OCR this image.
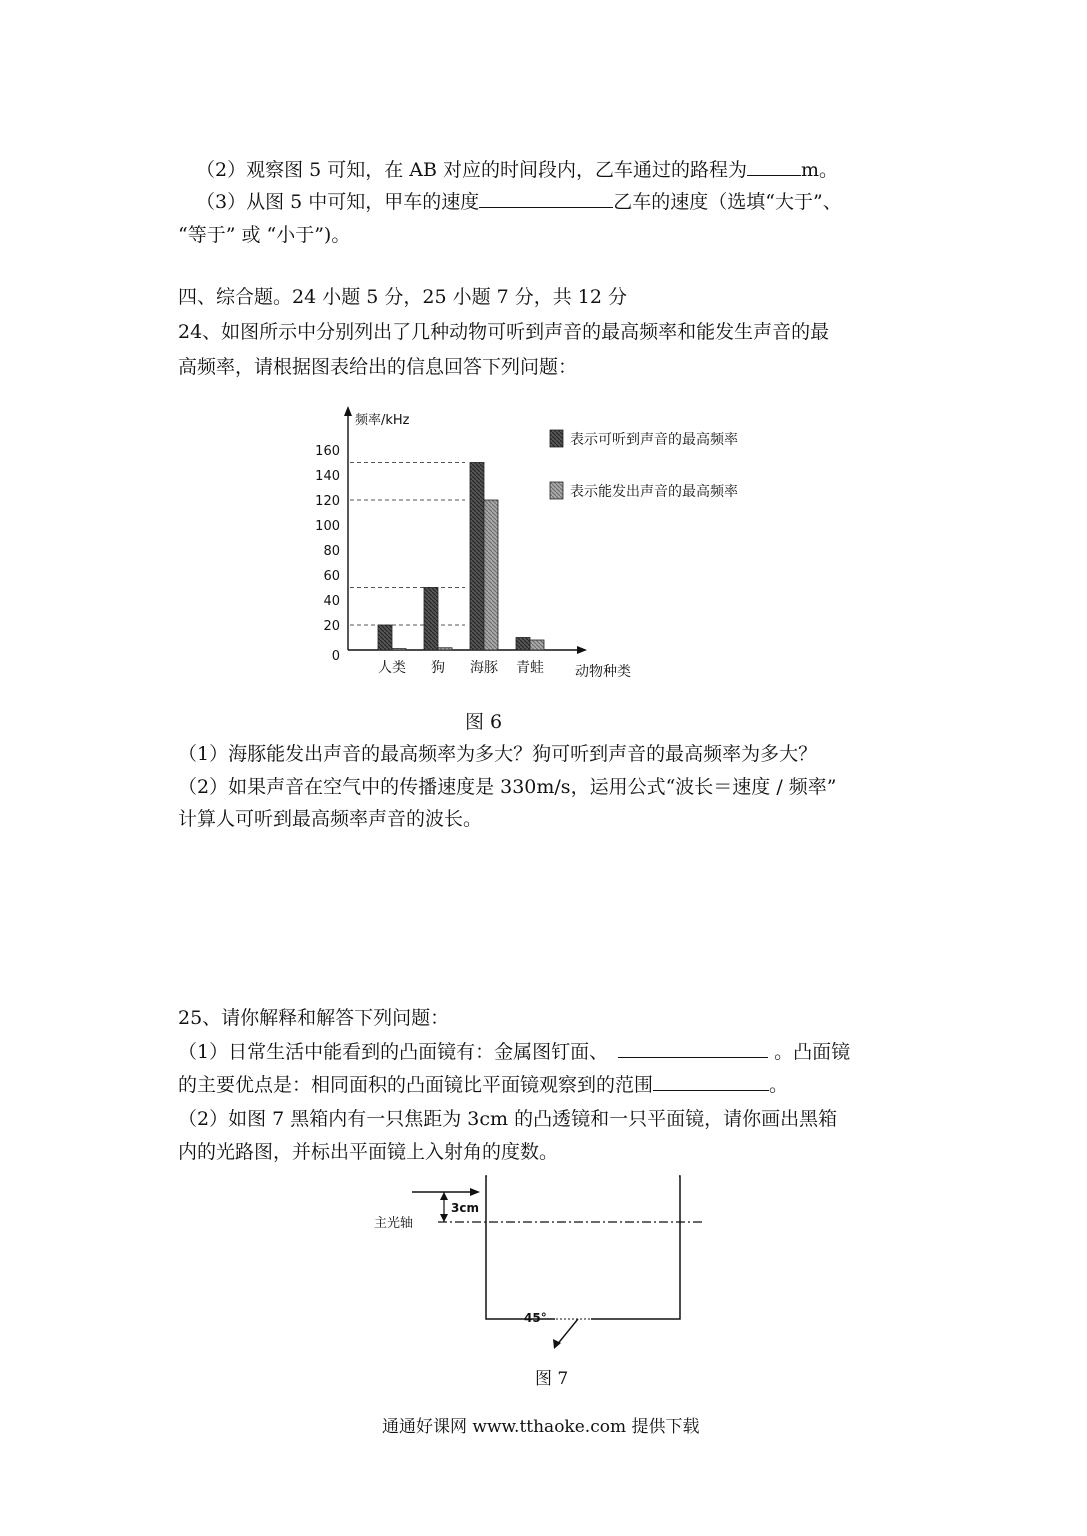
（2）观察图 5 可知，在 AB 对应的时间段内，乙车通过的路程为	m。
（3）从图 5 中可知，甲车的速度	乙车的速度（选填“大于”、
“等于” 或 “小于”)。
四、综合题。24 小题 5 分，25 小题 7 分，共 12 分
24、如图所示中分别列出了几种动物可听到声音的最高频率和能发生声音的最
高频率，请根据图表给出的信息回答下列问题：
0
20
40
60
80
100
120
140
160
人类 狗 海豚 青蛙
表示可听到声音的最高频率
表示能发出声音的最高频率
频率/kHz
动物种类
图 6
（1）海豚能发出声音的最高频率为多大？狗可听到声音的最高频率为多大？
（2）如果声音在空气中的传播速度是 330m/s，运用公式“波长＝速度 / 频率”
计算人可听到最高频率声音的波长。
25、请你解释和解答下列问题：
（1）日常生活中能看到的凸面镜有：金属图钉面、	。凸面镜
的主要优点是：相同面积的凸面镜比平面镜观察到的范围	。
（2）如图 7 黑箱内有一只焦距为 3cm 的凸透镜和一只平面镜，请你画出黑箱
内的光路图，并标出平面镜上入射角的度数。
主光轴
3cm
45°
图 7
通通好课网 www.tthaoke.com 提供下载
